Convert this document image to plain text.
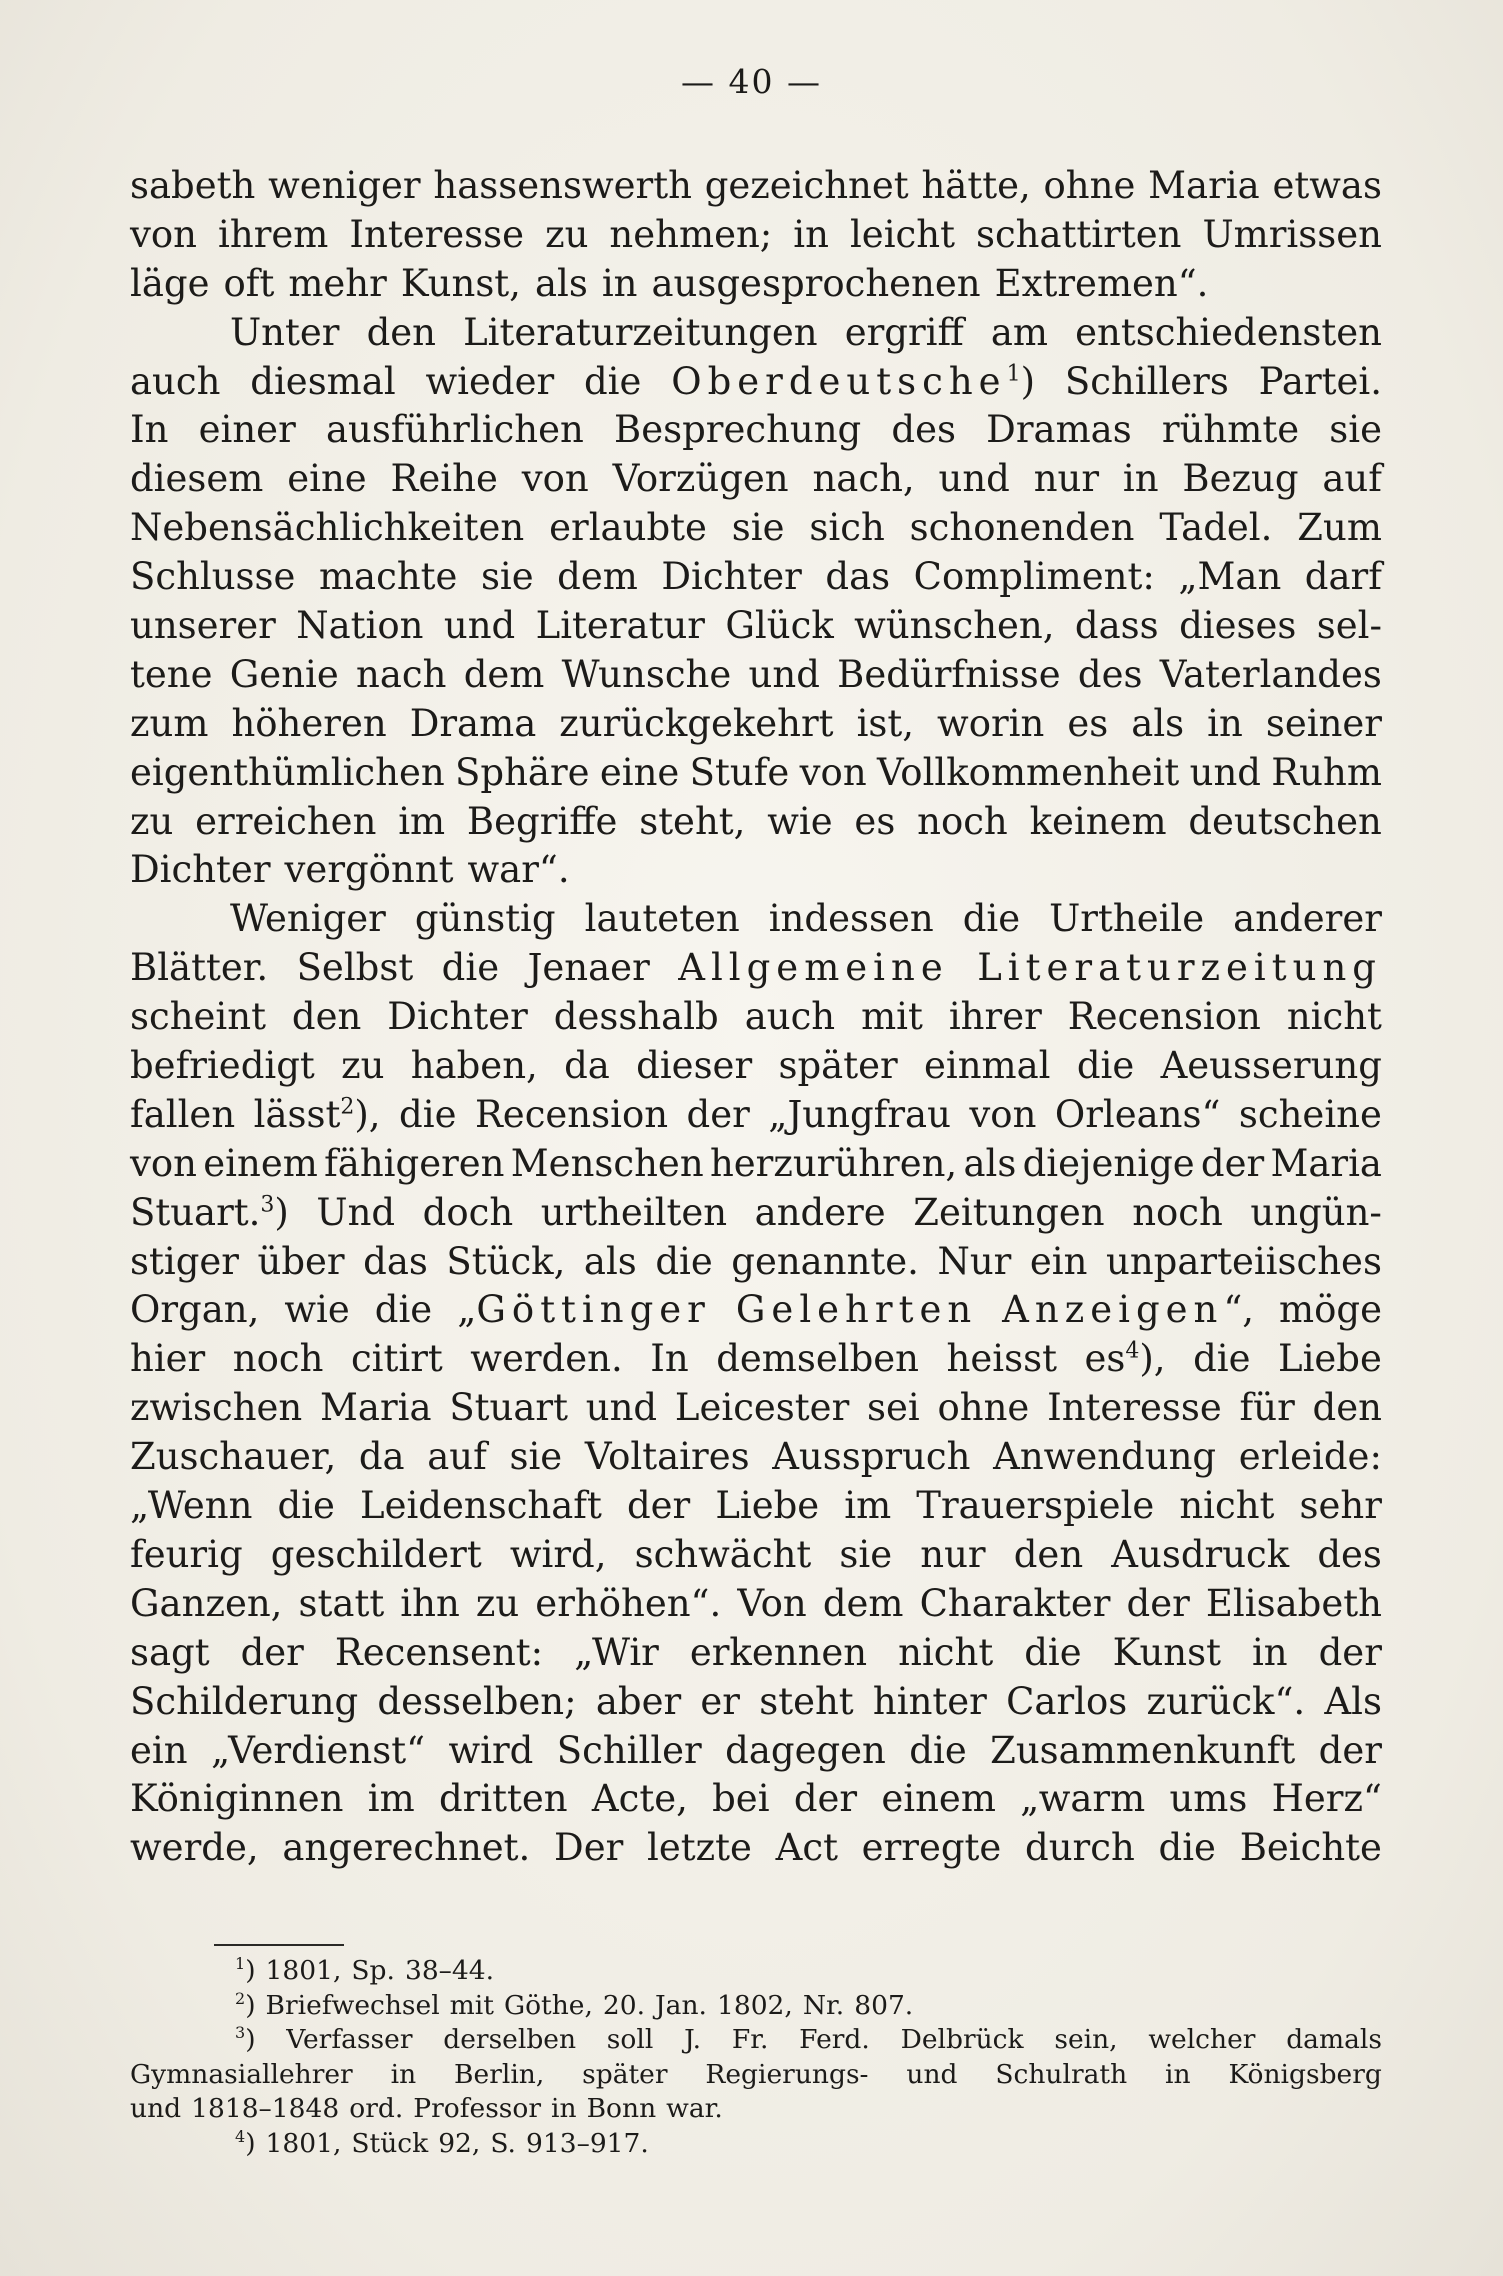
— 40 —
sabeth weniger hassenswerth gezeichnet hätte, ohne Maria etwas
von ihrem Interesse zu nehmen; in leicht schattirten Umrissen
läge oft mehr Kunst, als in ausgesprochenen Extremen“.
Unter den Literaturzeitungen ergriff am entschiedensten
auch diesmal wieder die Oberdeutsche$^1$) Schillers Partei.
In einer ausführlichen Besprechung des Dramas rühmte sie
diesem eine Reihe von Vorzügen nach, und nur in Bezug auf
Nebensächlichkeiten erlaubte sie sich schonenden Tadel. Zum
Schlusse machte sie dem Dichter das Compliment: „Man darf
unserer Nation und Literatur Glück wünschen, dass dieses sel-
tene Genie nach dem Wunsche und Bedürfnisse des Vaterlandes
zum höheren Drama zurückgekehrt ist, worin es als in seiner
eigenthümlichen Sphäre eine Stufe von Vollkommenheit und Ruhm
zu erreichen im Begriffe steht, wie es noch keinem deutschen
Dichter vergönnt war“.
Weniger günstig lauteten indessen die Urtheile anderer
Blätter. Selbst die Jenaer Allgemeine Literaturzeitung
scheint den Dichter desshalb auch mit ihrer Recension nicht
befriedigt zu haben, da dieser später einmal die Aeusserung
fallen lässt$^2$), die Recension der „Jungfrau von Orleans“ scheine
von einem fähigeren Menschen herzurühren, als diejenige der Maria
Stuart.$^3$) Und doch urtheilten andere Zeitungen noch ungün-
stiger über das Stück, als die genannte. Nur ein unparteiisches
Organ, wie die „Göttinger Gelehrten Anzeigen“, möge
hier noch citirt werden. In demselben heisst $es^4$), die Liebe
zwischen Maria Stuart und Leicester sei ohne Interesse für den
Zuschauer, da auf sie Voltaires Ausspruch Anwendung erleide:
„Wenn die Leidenschaft der Liebe im Trauerspiele nicht sehr
feurig geschildert wird, schwächt sie nur den Ausdruck des
Ganzen, statt ihn zu erhöhen“. Von dem Charakter der Elisabeth
sagt der Recensent: „Wir erkennen nicht die Kunst in der
Schilderung desselben; aber er steht hinter Carlos zurück“. Als
ein „Verdienst“ wird Schiller dagegen die Zusammenkunft der
Königinnen im dritten Acte, bei der einem „warm ums Herz“
werde, angerechnet. Der letzte Act erregte durch die Beichte
$^1$) 1801, Sp. 38–44.
$^2$) Briefwechsel mit Göthe, 20. Jan. 1802, Nr. 807.
$^3$) Verfasser derselben soll J. Fr. Ferd. Delbrück sein, welcher damals
Gymnasiallehrer in Berlin, später Regierungs- und Schulrath in Königsberg
und 1818–1848 ord. Professor in Bonn war.
$^4$) 1801, Stück 92, S. 913–917.
